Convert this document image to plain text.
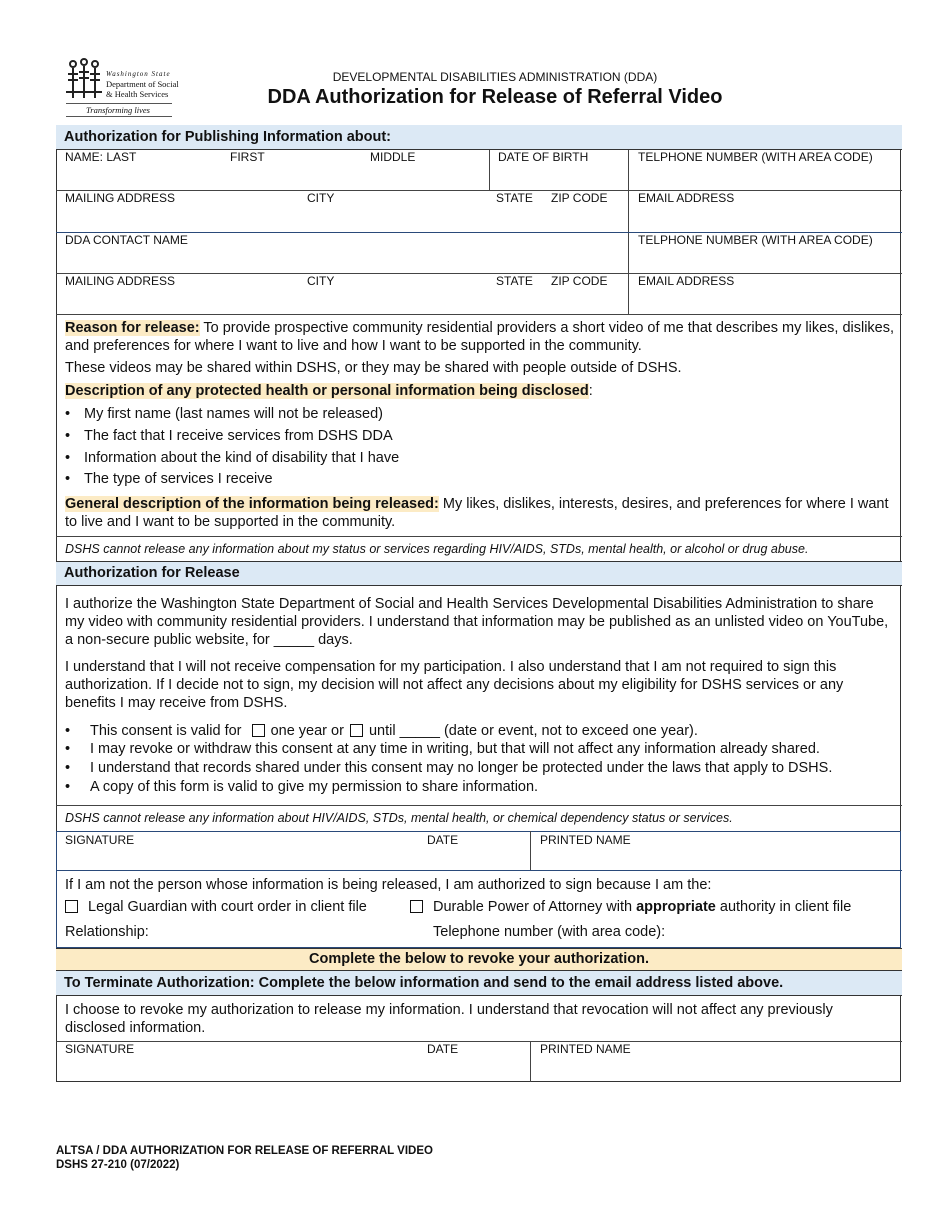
Washington State
Department of Social
& Health Services
Transforming lives
DEVELOPMENTAL DISABILITIES ADMINISTRATION (DDA)
DDA Authorization for Release of Referral Video
Authorization for Publishing Information about:
NAME: LAST	FIRST	MIDDLE	DATE OF BIRTH	TELPHONE NUMBER (WITH AREA CODE)
MAILING ADDRESS	CITY	STATE ZIP CODE	EMAIL ADDRESS
DDA CONTACT NAME	TELPHONE NUMBER (WITH AREA CODE)
MAILING ADDRESS	CITY	STATE ZIP CODE	EMAIL ADDRESS
Reason for release: To provide prospective community residential providers a short video of me that describes my likes, dislikes, and preferences for where I want to live and how I want to be supported in the community.
These videos may be shared within DSHS, or they may be shared with people outside of DSHS.
Description of any protected health or personal information being disclosed:
• My first name (last names will not be released)
• The fact that I receive services from DSHS DDA
• Information about the kind of disability that I have
• The type of services I receive
General description of the information being released: My likes, dislikes, interests, desires, and preferences for where I want to live and I want to be supported in the community.
DSHS cannot release any information about my status or services regarding HIV/AIDS, STDs, mental health, or alcohol or drug abuse.
Authorization for Release
I authorize the Washington State Department of Social and Health Services Developmental Disabilities Administration to share my video with community residential providers. I understand that information may be published as an unlisted video on YouTube, a non-secure public website, for _____ days.
I understand that I will not receive compensation for my participation. I also understand that I am not required to sign this authorization. If I decide not to sign, my decision will not affect any decisions about my eligibility for DSHS services or any benefits I may receive from DSHS.
• This consent is valid for  one year or  until _____ (date or event, not to exceed one year).
• I may revoke or withdraw this consent at any time in writing, but that will not affect any information already shared.
• I understand that records shared under this consent may no longer be protected under the laws that apply to DSHS.
• A copy of this form is valid to give my permission to share information.
DSHS cannot release any information about HIV/AIDS, STDs, mental health, or chemical dependency status or services.
SIGNATURE	DATE	PRINTED NAME
If I am not the person whose information is being released, I am authorized to sign because I am the:
Legal Guardian with court order in client file	Durable Power of Attorney with appropriate authority in client file
Relationship:	Telephone number (with area code):
Complete the below to revoke your authorization.
To Terminate Authorization: Complete the below information and send to the email address listed above.
I choose to revoke my authorization to release my information. I understand that revocation will not affect any previously disclosed information.
SIGNATURE	DATE	PRINTED NAME
ALTSA / DDA AUTHORIZATION FOR RELEASE OF REFERRAL VIDEO
DSHS 27-210 (07/2022)
